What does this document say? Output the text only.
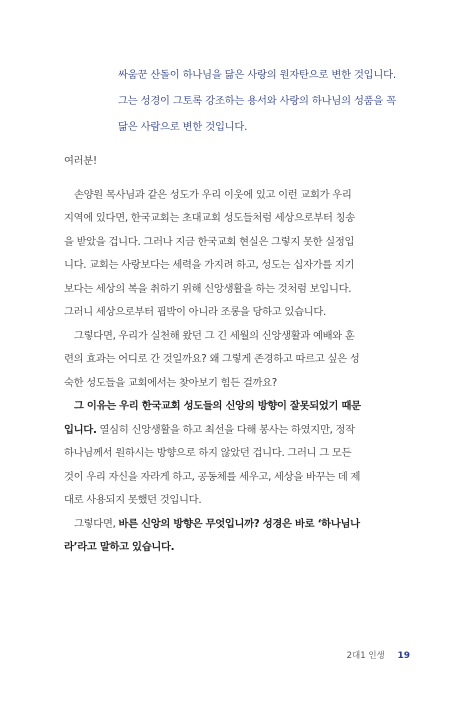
싸움꾼 산돌이 하나님을 닮은 사랑의 원자탄으로 변한 것입니다.
그는 성경이 그토록 강조하는 용서와 사랑의 하나님의 성품을 꼭
닮은 사람으로 변한 것입니다.
여러분!
손양원 목사님과 같은 성도가 우리 이웃에 있고 이런 교회가 우리
지역에 있다면, 한국교회는 초대교회 성도들처럼 세상으로부터 칭송
을 받았을 겁니다. 그러나 지금 한국교회 현실은 그렇지 못한 실정입
니다. 교회는 사랑보다는 세력을 가지려 하고, 성도는 십자가를 지기
보다는 세상의 복을 취하기 위해 신앙생활을 하는 것처럼 보입니다.
그러니 세상으로부터 핍박이 아니라 조롱을 당하고 있습니다.
그렇다면, 우리가 실천해 왔던 그 긴 세월의 신앙생활과 예배와 훈
련의 효과는 어디로 간 것일까요? 왜 그렇게 존경하고 따르고 싶은 성
숙한 성도들을 교회에서는 찾아보기 힘든 걸까요?
그 이유는 우리 한국교회 성도들의 신앙의 방향이 잘못되었기 때문
입니다. 열심히 신앙생활을 하고 최선을 다해 봉사는 하였지만, 정작
하나님께서 원하시는 방향으로 하지 않았던 겁니다. 그러니 그 모든
것이 우리 자신을 자라게 하고, 공동체를 세우고, 세상을 바꾸는 데 제
대로 사용되지 못했던 것입니다.
그렇다면, 바른 신앙의 방향은 무엇입니까? 성경은 바로 ‘하나님나
라’라고 말하고 있습니다.
2대1 인생 19
